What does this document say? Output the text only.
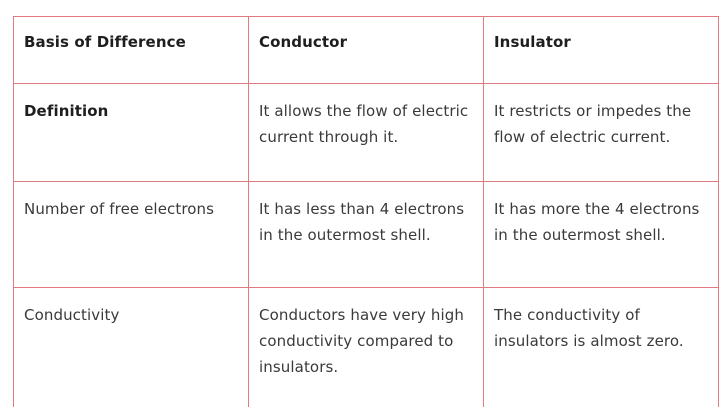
Basis of Difference	Conductor	Insulator
Definition	It allows the flow of electric current through it.	It restricts or impedes the flow of electric current.
Number of free electrons	It has less than 4 electrons in the outermost shell.	It has more the 4 electrons in the outermost shell.
Conductivity	Conductors have very high conductivity compared to insulators.	The conductivity of insulators is almost zero.
